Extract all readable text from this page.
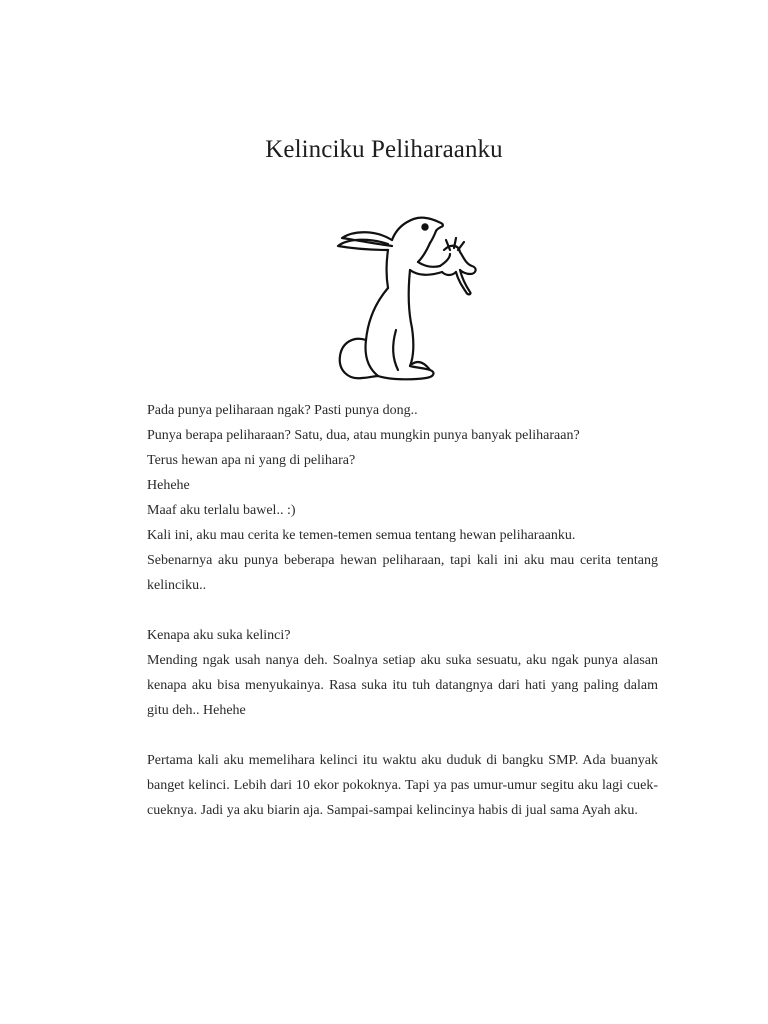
Kelinciku Peliharaanku

Pada punya peliharaan ngak? Pasti punya dong..

Punya berapa peliharaan? Satu, dua, atau mungkin punya banyak peliharaan?

Terus hewan apa ni yang di pelihara?

Hehehe

Maaf aku terlalu bawel.. :)

Kali ini, aku mau cerita ke temen-temen semua tentang hewan peliharaanku.

Sebenarnya aku punya beberapa hewan peliharaan, tapi kali ini aku mau cerita tentang kelinciku..

Kenapa aku suka kelinci?

Mending ngak usah nanya deh. Soalnya setiap aku suka sesuatu, aku ngak punya alasan kenapa aku bisa menyukainya. Rasa suka itu tuh datangnya dari hati yang paling dalam gitu deh.. Hehehe

Pertama kali aku memelihara kelinci itu waktu aku duduk di bangku SMP. Ada buanyak banget kelinci. Lebih dari 10 ekor pokoknya. Tapi ya pas umur-umur segitu aku lagi cuek-cueknya. Jadi ya aku biarin aja. Sampai-sampai kelincinya habis di jual sama Ayah aku.
